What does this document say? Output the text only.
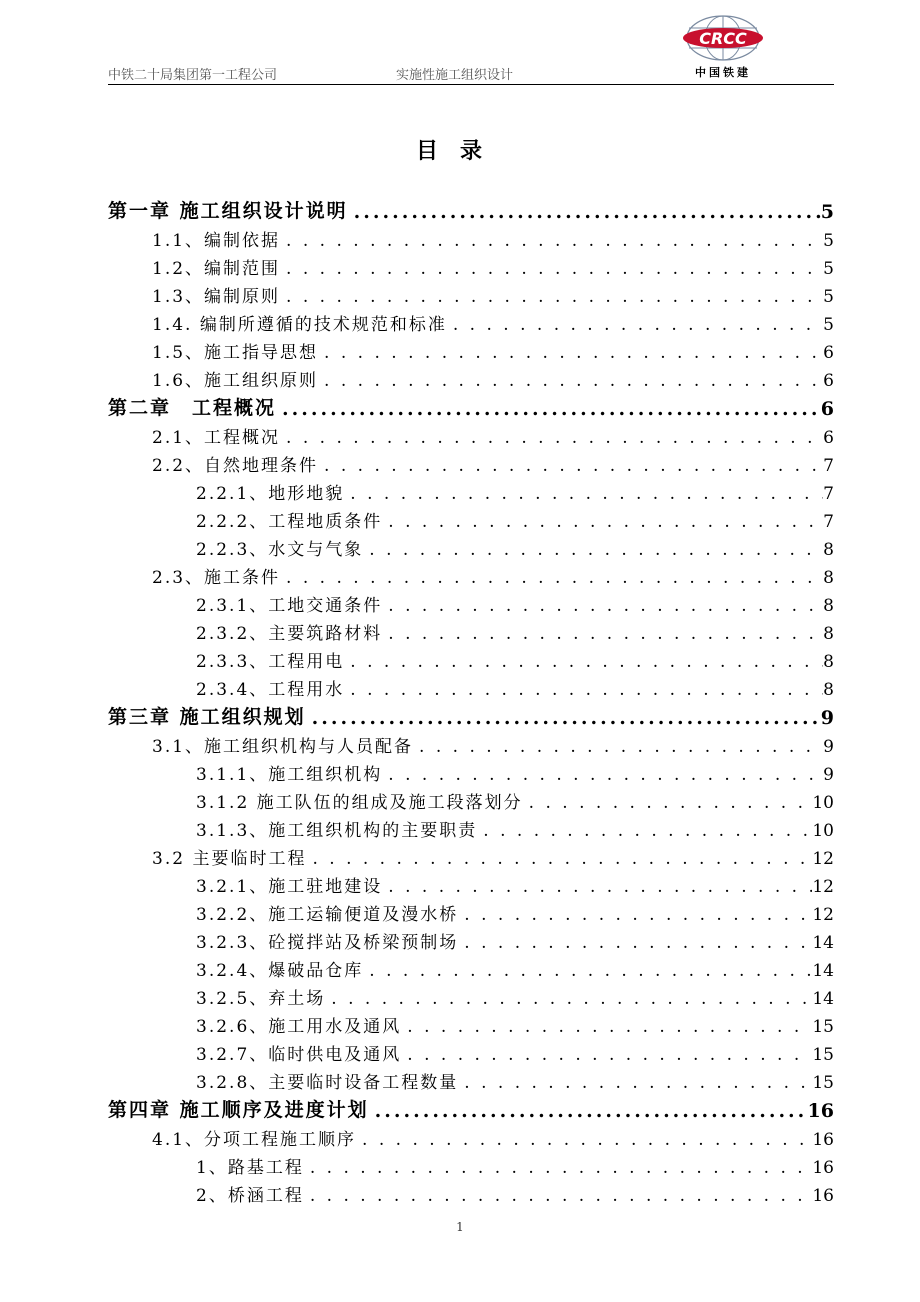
中铁二十局集团第一工程公司	实施性施工组织设计
CRCC
中国铁建
目录
第一章 施工组织设计说明 .....	5
1.1、编制依据 . . .	5
1.2、编制范围 . . .	5
1.3、编制原则 . . .	5
1.4. 编制所遵循的技术规范和标准 . . .	5
1.5、施工指导思想 . . .	6
1.6、施工组织原则 . . .	6
第二章　工程概况 .....	6
2.1、工程概况 . . .	6
2.2、自然地理条件 . . .	7
2.2.1、地形地貌 . . .	7
2.2.2、工程地质条件 . . .	7
2.2.3、水文与气象 . . .	8
2.3、施工条件 . . .	8
2.3.1、工地交通条件 . . .	8
2.3.2、主要筑路材料 . . .	8
2.3.3、工程用电 . . .	8
2.3.4、工程用水 . . .	8
第三章 施工组织规划 .....	9
3.1、施工组织机构与人员配备 . . .	9
3.1.1、施工组织机构 . . .	9
3.1.2 施工队伍的组成及施工段落划分 . . .	10
3.1.3、施工组织机构的主要职责 . . .	10
3.2 主要临时工程 . . .	12
3.2.1、施工驻地建设 . . .	12
3.2.2、施工运输便道及漫水桥 . . .	12
3.2.3、砼搅拌站及桥梁预制场 . . .	14
3.2.4、爆破品仓库 . . .	14
3.2.5、弃土场 . . .	14
3.2.6、施工用水及通风 . . .	15
3.2.7、临时供电及通风 . . .	15
3.2.8、主要临时设备工程数量 . . .	15
第四章 施工顺序及进度计划 .....	16
4.1、分项工程施工顺序 . . .	16
1、路基工程 . . .	16
2、桥涵工程 . . .	16
1
